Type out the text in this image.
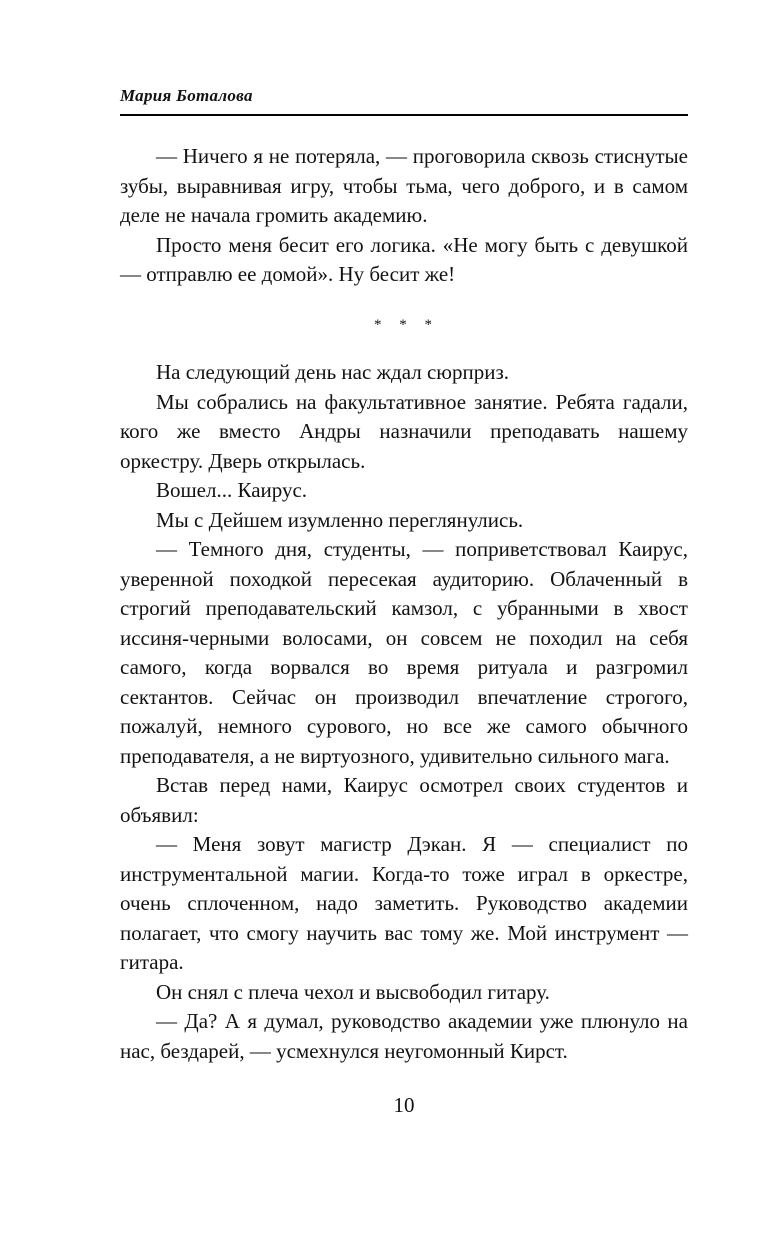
Мария Боталова

— Ничего я не потеряла, — проговорила сквозь стиснутые зубы, выравнивая игру, чтобы тьма, чего доброго, и в самом деле не начала громить академию.

Просто меня бесит его логика. «Не могу быть с девушкой — отправлю ее домой». Ну бесит же!

* * *

На следующий день нас ждал сюрприз.

Мы собрались на факультативное занятие. Ребята гадали, кого же вместо Андры назначили преподавать нашему оркестру. Дверь открылась.

Вошел... Каирус.

Мы с Дейшем изумленно переглянулись.

— Темного дня, студенты, — поприветствовал Каирус, уверенной походкой пересекая аудиторию. Облаченный в строгий преподавательский камзол, с убранными в хвост иссиня-черными волосами, он совсем не походил на себя самого, когда ворвался во время ритуала и разгромил сектантов. Сейчас он производил впечатление строгого, пожалуй, немного сурового, но все же самого обычного преподавателя, а не виртуозного, удивительно сильного мага.

Встав перед нами, Каирус осмотрел своих студентов и объявил:

— Меня зовут магистр Дэкан. Я — специалист по инструментальной магии. Когда-то тоже играл в оркестре, очень сплоченном, надо заметить. Руководство академии полагает, что смогу научить вас тому же. Мой инструмент — гитара.

Он снял с плеча чехол и высвободил гитару.

— Да? А я думал, руководство академии уже плюнуло на нас, бездарей, — усмехнулся неугомонный Кирст.

10
